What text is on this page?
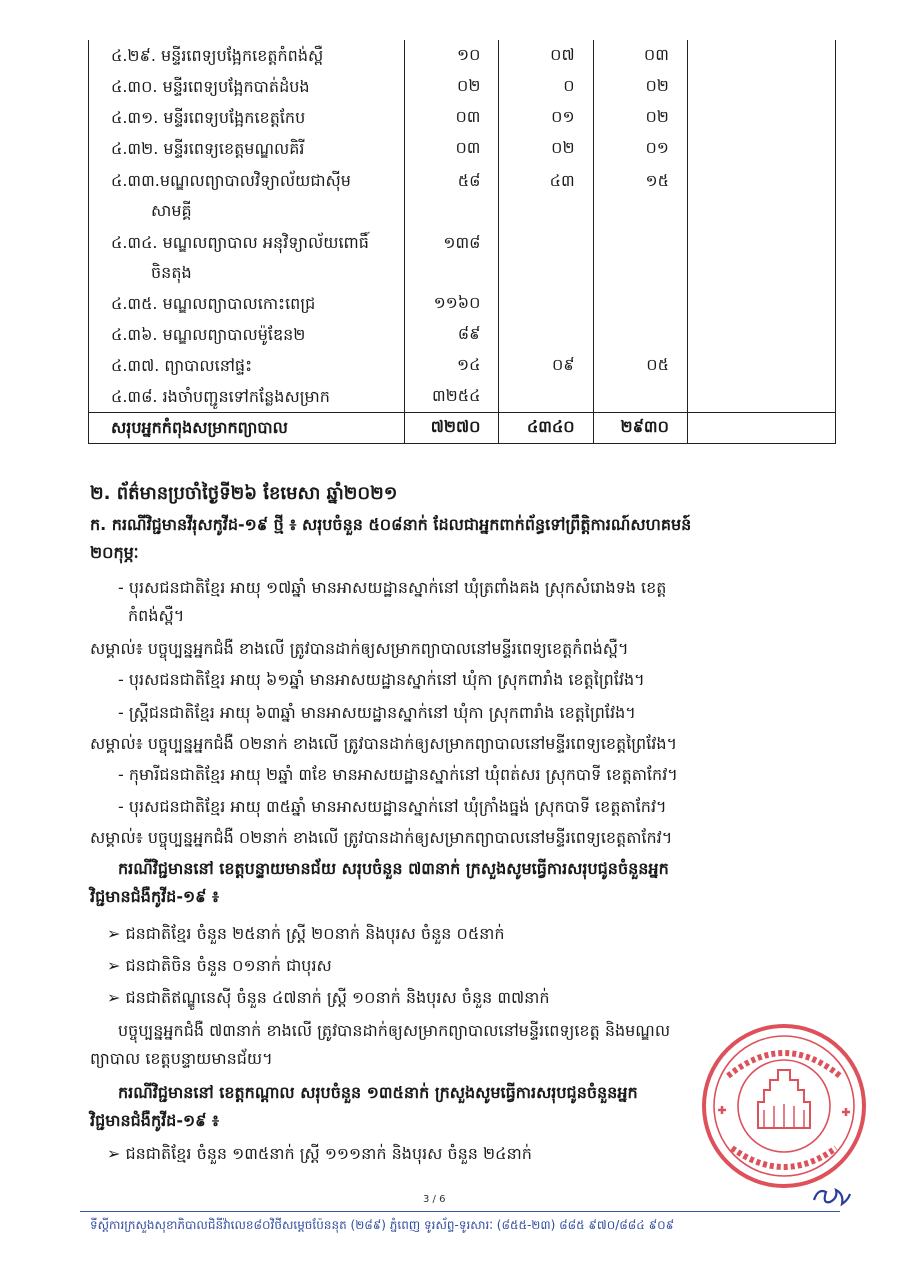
៤.២៩. មន្ទីរពេទ្យបង្អែកខេត្តកំពង់ស្ពឺ	១០	០៧	០៣	

៤.៣០. មន្ទីរពេទ្យបង្អែកបាត់ដំបង	០២	០	០២	

៤.៣១. មន្ទីរពេទ្យបង្អែកខេត្តកែប	០៣	០១	០២	

៤.៣២. មន្ទីរពេទ្យខេត្តមណ្ឌលគិរី	០៣	០២	០១	

៤.៣៣.មណ្ឌលព្យាបាលវិទ្យាល័យជាស៊ីម
សាមគ្គី	៥៨	៤៣	១៥	

៤.៣៤. មណ្ឌលព្យាបាល អនុវិទ្យាល័យពោធិ៍
ចិនតុង	១៣៨			

៤.៣៥. មណ្ឌលព្យាបាលកោះពេជ្រ	១១៦០			

៤.៣៦. មណ្ឌលព្យាបាលម៉ូឌែន២	៨៩			

៤.៣៧. ព្យាបាលនៅផ្ទះ	១៤	០៩	០៥	

៤.៣៨. រងចាំបញ្ជូនទៅកន្លែងសម្រាក	៣២៥៤			
សរុបអ្នកកំពុងសម្រាកព្យាបាល	៧២៧០	៤៣៤០	២៩៣០	
២. ព័ត៌មានប្រចាំថ្ងៃទី២៦ ខែមេសា ឆ្នាំ២០២១
ក. ករណីវិជ្ជមានវីរុសកូវីដ-១៩ ថ្មី ៖ សរុបចំនួន ៥០៨នាក់ ដែលជាអ្នកពាក់ព័ន្ធទៅព្រឹត្តិការណ៍សហគមន៍
២០កុម្ភៈ
- បុរសជនជាតិខ្មែរ អាយុ ១៧ឆ្នាំ មានអាសយដ្ឋានស្នាក់នៅ ឃុំត្រពាំងគង ស្រុកសំរោងទង ខេត្ត
កំពង់ស្ពឺ។
សម្គាល់៖ បច្ចុប្បន្នអ្នកជំងឺ ខាងលើ ត្រូវបានដាក់ឲ្យសម្រាកព្យាបាលនៅមន្ទីរពេទ្យខេត្តកំពង់ស្ពឺ។
- បុរសជនជាតិខ្មែរ អាយុ ៦១ឆ្នាំ មានអាសយដ្ឋានស្នាក់នៅ ឃុំកា ស្រុកពារាំង ខេត្តព្រៃវែង។
- ស្ត្រីជនជាតិខ្មែរ អាយុ ៦៣ឆ្នាំ មានអាសយដ្ឋានស្នាក់នៅ ឃុំកា ស្រុកពារាំង ខេត្តព្រៃវែង។
សម្គាល់៖ បច្ចុប្បន្នអ្នកជំងឺ ០២នាក់ ខាងលើ ត្រូវបានដាក់ឲ្យសម្រាកព្យាបាលនៅមន្ទីរពេទ្យខេត្តព្រៃវែង។
- កុមារីជនជាតិខ្មែរ អាយុ ២ឆ្នាំ ៣ខែ មានអាសយដ្ឋានស្នាក់នៅ ឃុំពត់សរ ស្រុកបាទី ខេត្តតាកែវ។
- បុរសជនជាតិខ្មែរ អាយុ ៣៥ឆ្នាំ មានអាសយដ្ឋានស្នាក់នៅ ឃុំក្រាំងធ្នង់ ស្រុកបាទី ខេត្តតាកែវ។
សម្គាល់៖ បច្ចុប្បន្នអ្នកជំងឺ ០២នាក់ ខាងលើ ត្រូវបានដាក់ឲ្យសម្រាកព្យាបាលនៅមន្ទីរពេទ្យខេត្តតាកែវ។
ករណីវិជ្ជមាននៅ ខេត្តបន្ទាយមានជ័យ សរុបចំនួន ៧៣នាក់ ក្រសួងសូមធ្វើការសរុបជូនចំនួនអ្នក
វិជ្ជមានជំងឺកូវីដ-១៩ ៖
➢ ជនជាតិខ្មែរ ចំនួន ២៥នាក់ ស្ត្រី ២០នាក់ និងបុរស ចំនួន ០៥នាក់
➢ ជនជាតិចិន ចំនួន ០១នាក់ ជាបុរស
➢ ជនជាតិឥណ្ឌូនេស៊ី ចំនួន ៤៧នាក់ ស្ត្រី ១០នាក់ និងបុរស ចំនួន ៣៧នាក់
បច្ចុប្បន្នអ្នកជំងឺ ៧៣នាក់ ខាងលើ ត្រូវបានដាក់ឲ្យសម្រាកព្យាបាលនៅមន្ទីរពេទ្យខេត្ត និងមណ្ឌល
ព្យាបាល ខេត្តបន្ទាយមានជ័យ។
ករណីវិជ្ជមាននៅ ខេត្តកណ្តាល សរុបចំនួន ១៣៥នាក់ ក្រសួងសូមធ្វើការសរុបជូនចំនួនអ្នក
វិជ្ជមានជំងឺកូវីដ-១៩ ៖
➢ ជនជាតិខ្មែរ ចំនួន ១៣៥នាក់ ស្ត្រី ១១១នាក់ និងបុរស ចំនួន ២៤នាក់
3 / 6
ទីស្តីការក្រសួងសុខាភិបាលជិនីវ៉ាលេខ៨០វិថីសម្តេចប៉ែននុត (២៨៩) ភ្នំពេញ ទូរស័ព្ទ-ទូរសារៈ (៨៥៥-២៣) ៨៨៥ ៩៧០/៨៨៤ ៩០៩
